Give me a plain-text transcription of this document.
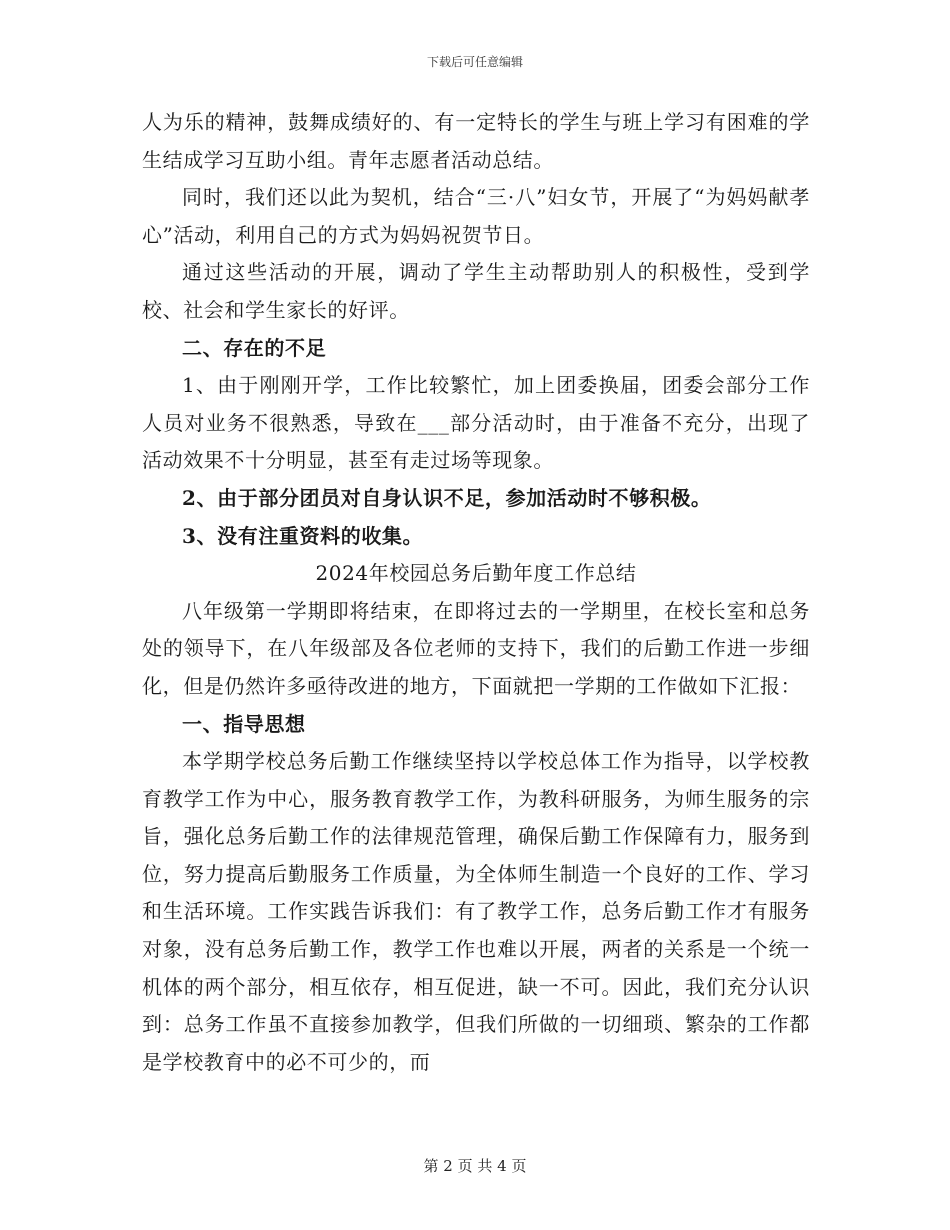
下载后可任意编辑

人为乐的精神，鼓舞成绩好的、有一定特长的学生与班上学习有困难的学生结成学习互助小组。青年志愿者活动总结。

同时，我们还以此为契机，结合“三·八”妇女节，开展了“为妈妈献孝心”活动，利用自己的方式为妈妈祝贺节日。

通过这些活动的开展，调动了学生主动帮助别人的积极性，受到学校、社会和学生家长的好评。

二、存在的不足

1、由于刚刚开学，工作比较繁忙，加上团委换届，团委会部分工作人员对业务不很熟悉，导致在___部分活动时，由于准备不充分，出现了活动效果不十分明显，甚至有走过场等现象。

2、由于部分团员对自身认识不足，参加活动时不够积极。

3、没有注重资料的收集。

2024年校园总务后勤年度工作总结

八年级第一学期即将结束，在即将过去的一学期里，在校长室和总务处的领导下，在八年级部及各位老师的支持下，我们的后勤工作进一步细化，但是仍然许多亟待改进的地方，下面就把一学期的工作做如下汇报：

一、指导思想

本学期学校总务后勤工作继续坚持以学校总体工作为指导，以学校教育教学工作为中心，服务教育教学工作，为教科研服务，为师生服务的宗旨，强化总务后勤工作的法律规范管理，确保后勤工作保障有力，服务到位，努力提高后勤服务工作质量，为全体师生制造一个良好的工作、学习和生活环境。工作实践告诉我们：有了教学工作，总务后勤工作才有服务对象，没有总务后勤工作，教学工作也难以开展，两者的关系是一个统一机体的两个部分，相互依存，相互促进，缺一不可。因此，我们充分认识到：总务工作虽不直接参加教学，但我们所做的一切细琐、繁杂的工作都是学校教育中的必不可少的，而

第 2 页 共 4 页
